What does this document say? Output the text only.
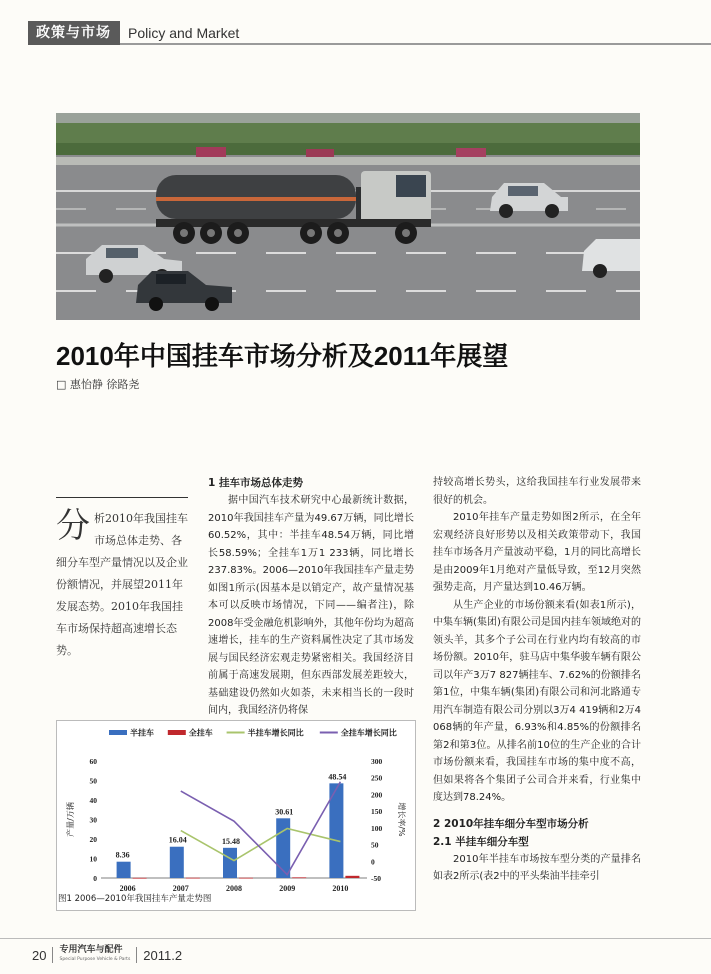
政策与市场	Policy and Market
2010年中国挂车市场分析及2011年展望
□ 惠怡静 徐路尧
分析2010年我国挂车市场总体走势、各细分车型产量情况以及企业份额情况，并展望2011年发展态势。2010年我国挂车市场保持超高速增长态势。
1 挂车市场总体走势

据中国汽车技术研究中心最新统计数据，2010年我国挂车产量为49.67万辆，同比增长60.52%，其中：半挂车48.54万辆，同比增长58.59%；全挂车1万1 233辆，同比增长237.83%。2006—2010年我国挂车产量走势如图1所示(因基本是以销定产，故产量情况基本可以反映市场情况，下同——编者注)，除2008年受金融危机影响外，其他年份均为超高速增长，挂车的生产资料属性决定了其市场发展与国民经济宏观走势紧密相关。我国经济目前属于高速发展期，但东西部发展差距较大，基础建设仍然如火如荼，未来相当长的一段时间内，我国经济仍将保

持较高增长势头，这给我国挂车行业发展带来很好的机会。

2010年挂车产量走势如图2所示，在全年宏观经济良好形势以及相关政策带动下，我国挂车市场各月产量波动平稳，1月的同比高增长是由2009年1月绝对产量低导致，至12月突然强势走高，月产量达到10.46万辆。

从生产企业的市场份额来看(如表1所示)，中集车辆(集团)有限公司是国内挂车领域绝对的领头羊，其多个子公司在行业内均有较高的市场份额。2010年，驻马店中集华骏车辆有限公司以年产3万7 827辆挂车、7.62%的份额排名第1位，中集车辆(集团)有限公司和河北路通专用汽车制造有限公司分别以3万4 419辆和2万4 068辆的年产量，6.93%和4.85%的份额排名第2和第3位。从排名前10位的生产企业的合计市场份额来看，我国挂车市场的集中度不高，但如果将各个集团子公司合并来看，行业集中度达到78.24%。

2 2010年挂车细分车型市场分析
2.1 半挂车细分车型

2010年半挂车市场按车型分类的产量排名如表2所示(表2中的平头柴油半挂牵引

半挂车	全挂车	半挂车增长同比	全挂车增长同比
0
10
20
30
40
50
60
-50
0
50
100
150
200
250
300
产量/万辆	增长率/%
2006	2007	2008	2009	2010
8.36
16.04	15.48
30.61
48.54
图1 2006—2010年我国挂车产量走势图
20 专用汽车与配件
Special Purpose Vehicle & Parts 2011.2
